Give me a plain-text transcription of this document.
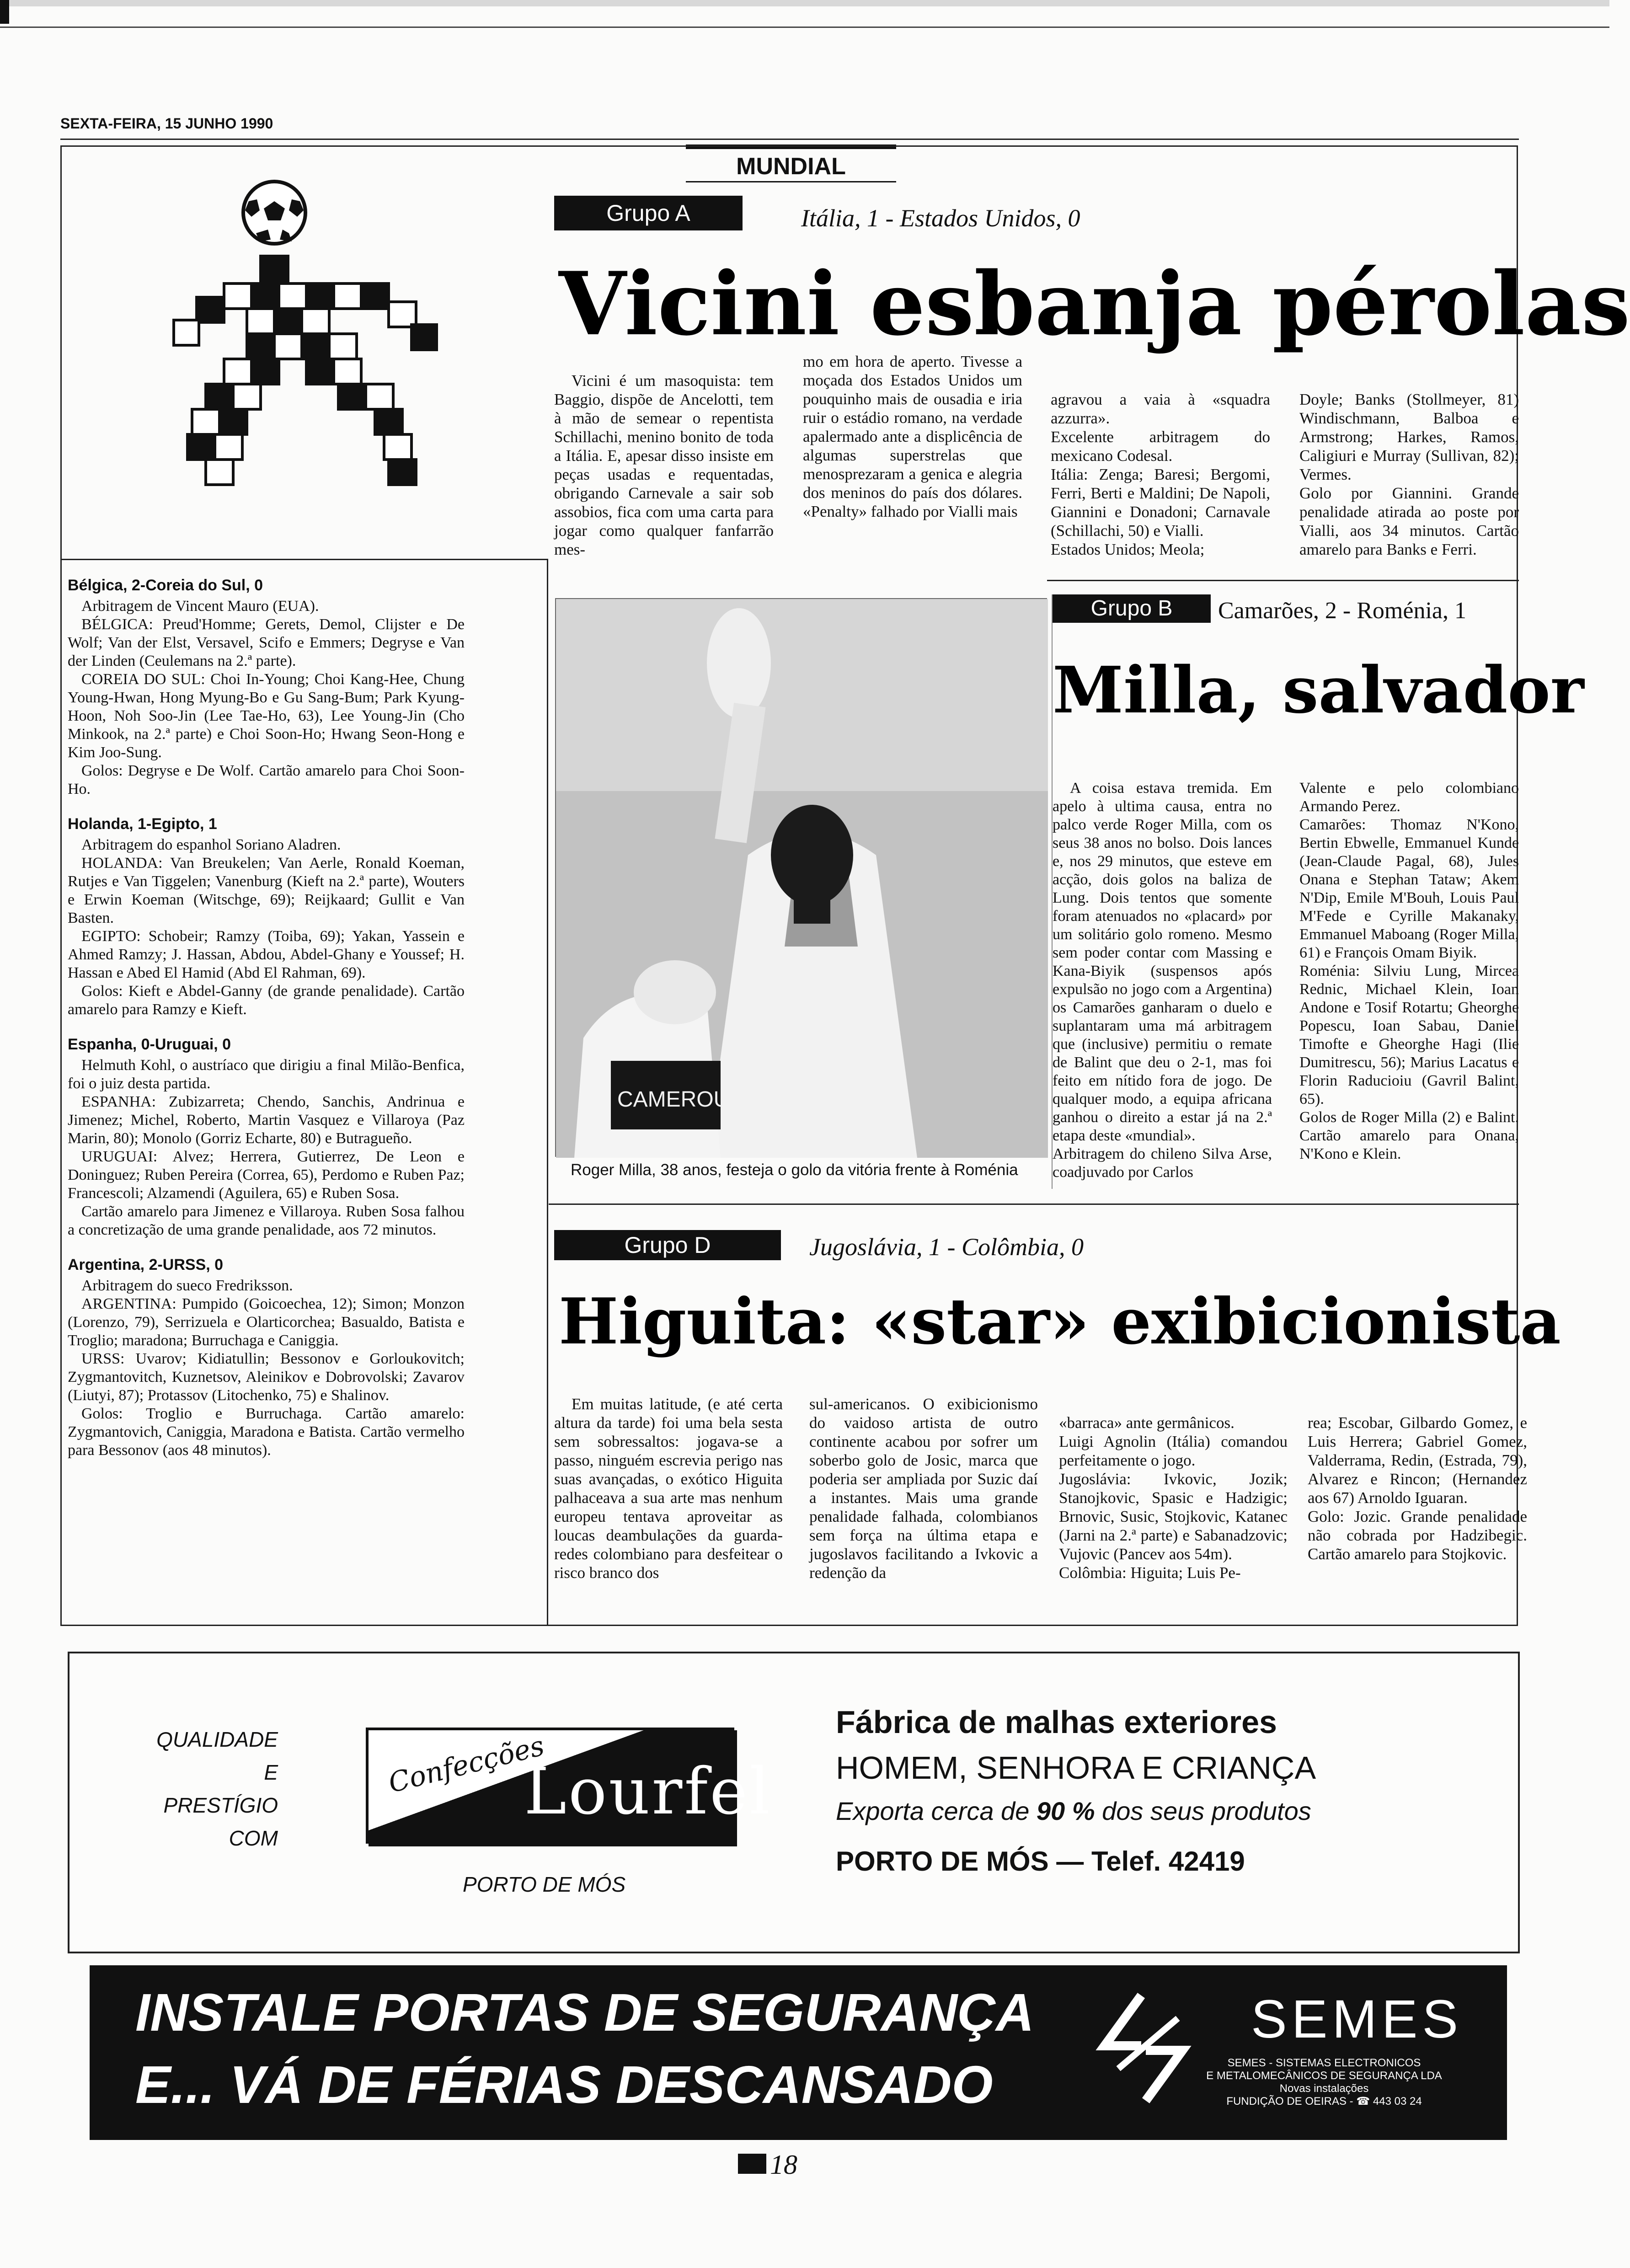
SEXTA-FEIRA, 15 JUNHO 1990
MUNDIAL
Grupo A	Itália, 1 - Estados Unidos, 0
Vicini esbanja pérolas

Vicini é um masoquista: tem Baggio, dispõe de Ancelotti, tem à mão de semear o repentista Schillachi, menino bonito de toda a Itália. E, apesar disso insiste em peças usadas e requentadas, obrigando Carnevale a sair sob assobios, fica com uma carta para jogar como qualquer fanfarrão mes-

mo em hora de aperto. Tivesse a moçada dos Estados Unidos um pouquinho mais de ousadia e iria ruir o estádio romano, na verdade apalermado ante a displicência de algumas superstrelas que menosprezaram a genica e alegria dos meninos do país dos dólares. «Penalty» falhado por Vialli mais

agravou a vaia à «squadra azzurra».
Excelente arbitragem do mexicano Codesal.
Itália: Zenga; Baresi; Bergomi, Ferri, Berti e Maldini; De Napoli, Giannini e Donadoni; Carnavale (Schillachi, 50) e Vialli.
Estados Unidos; Meola;

Doyle; Banks (Stollmeyer, 81) Windischmann, Balboa e Armstrong; Harkes, Ramos, Caligiuri e Murray (Sullivan, 82); Vermes.
Golo por Giannini. Grande penalidade atirada ao poste por Vialli, aos 34 minutos. Cartão amarelo para Banks e Ferri.

Bélgica, 2-Coreia do Sul, 0

Arbitragem de Vincent Mauro (EUA).

BÉLGICA: Preud'Homme; Gerets, Demol, Clijster e De Wolf; Van der Elst, Versavel, Scifo e Emmers; Degryse e Van der Linden (Ceulemans na 2.ª parte).

COREIA DO SUL: Choi In-Young; Choi Kang-Hee, Chung Young-Hwan, Hong Myung-Bo e Gu Sang-Bum; Park Kyung-Hoon, Noh Soo-Jin (Lee Tae-Ho, 63), Lee Young-Jin (Cho Minkook, na 2.ª parte) e Choi Soon-Ho; Hwang Seon-Hong e Kim Joo-Sung.

Golos: Degryse e De Wolf. Cartão amarelo para Choi Soon-Ho.

Holanda, 1-Egipto, 1

Arbitragem do espanhol Soriano Aladren.

HOLANDA: Van Breukelen; Van Aerle, Ronald Koeman, Rutjes e Van Tiggelen; Vanenburg (Kieft na 2.ª parte), Wouters e Erwin Koeman (Witschge, 69); Reijkaard; Gullit e Van Basten.

EGIPTO: Schobeir; Ramzy (Toiba, 69); Yakan, Yassein e Ahmed Ramzy; J. Hassan, Abdou, Abdel-Ghany e Youssef; H. Hassan e Abed El Hamid (Abd El Rahman, 69).

Golos: Kieft e Abdel-Ganny (de grande penalidade). Cartão amarelo para Ramzy e Kieft.

Espanha, 0-Uruguai, 0

Helmuth Kohl, o austríaco que dirigiu a final Milão-Benfica, foi o juiz desta partida.

ESPANHA: Zubizarreta; Chendo, Sanchis, Andrinua e Jimenez; Michel, Roberto, Martin Vasquez e Villaroya (Paz Marin, 80); Monolo (Gorriz Echarte, 80) e Butragueño.

URUGUAI: Alvez; Herrera, Gutierrez, De Leon e Doninguez; Ruben Pereira (Correa, 65), Perdomo e Ruben Paz; Francescoli; Alzamendi (Aguilera, 65) e Ruben Sosa.

Cartão amarelo para Jimenez e Villaroya. Ruben Sosa falhou a concretização de uma grande penalidade, aos 72 minutos.

Argentina, 2-URSS, 0

Arbitragem do sueco Fredriksson.

ARGENTINA: Pumpido (Goicoechea, 12); Simon; Monzon (Lorenzo, 79), Serrizuela e Olarticorchea; Basualdo, Batista e Troglio; maradona; Burruchaga e Caniggia.

URSS: Uvarov; Kidiatullin; Bessonov e Gorloukovitch; Zygmantovitch, Kuznetsov, Aleinikov e Dobrovolski; Zavarov (Liutyi, 87); Protassov (Litochenko, 75) e Shalinov.

Golos: Troglio e Burruchaga. Cartão amarelo: Zygmantovich, Caniggia, Maradona e Batista. Cartão vermelho para Bessonov (aos 48 minutos).

CAMEROUN
Roger Milla, 38 anos, festeja o golo da vitória frente à Roménia
Grupo B	Camarões, 2 - Roménia, 1
Milla, salvador

A coisa estava tremida. Em apelo à ultima causa, entra no palco verde Roger Milla, com os seus 38 anos no bolso. Dois lances e, nos 29 minutos, que esteve em acção, dois golos na baliza de Lung. Dois tentos que somente foram atenuados no «placard» por um solitário golo romeno. Mesmo sem poder contar com Massing e Kana-Biyik (suspensos após expulsão no jogo com a Argentina) os Camarões ganharam o duelo e suplantaram uma má arbitragem que (inclusive) permitiu o remate de Balint que deu o 2-1, mas foi feito em nítido fora de jogo. De qualquer modo, a equipa africana ganhou o direito a estar já na 2.ª etapa deste «mundial».
Arbitragem do chileno Silva Arse, coadjuvado por Carlos

Valente e pelo colombiano Armando Perez.
Camarões: Thomaz N'Kono, Bertin Ebwelle, Emmanuel Kunde (Jean-Claude Pagal, 68), Jules Onana e Stephan Tataw; Akem N'Dip, Emile M'Bouh, Louis Paul M'Fede e Cyrille Makanaky, Emmanuel Maboang (Roger Milla, 61) e François Omam Biyik.
Roménia: Silviu Lung, Mircea Rednic, Michael Klein, Ioan Andone e Tosif Rotartu; Gheorghe Popescu, Ioan Sabau, Daniel Timofte e Gheorghe Hagi (Ilie Dumitrescu, 56); Marius Lacatus e Florin Raducioiu (Gavril Balint, 65).
Golos de Roger Milla (2) e Balint. Cartão amarelo para Onana, N'Kono e Klein.

Grupo D	Jugoslávia, 1 - Colômbia, 0
Higuita: «star» exibicionista

Em muitas latitude, (e até certa altura da tarde) foi uma bela sesta sem sobressaltos: jogava-se a passo, ninguém escrevia perigo nas suas avançadas, o exótico Higuita palhaceava a sua arte mas nenhum europeu tentava aproveitar as loucas deambulações da guarda-redes colombiano para desfeitear o risco branco dos

sul-americanos. O exibicionismo do vaidoso artista de outro continente acabou por sofrer um soberbo golo de Josic, marca que poderia ser ampliada por Suzic daí a instantes. Mais uma grande penalidade falhada, colombianos sem força na última etapa e jugoslavos facilitando a Ivkovic a redenção da

«barraca» ante germânicos.
Luigi Agnolin (Itália) comandou perfeitamente o jogo.
Jugoslávia: Ivkovic, Jozik; Stanojkovic, Spasic e Hadzigic; Brnovic, Susic, Stojkovic, Katanec (Jarni na 2.ª parte) e Sabanadzovic; Vujovic (Pancev aos 54m).
Colômbia: Higuita; Luis Pe-

rea; Escobar, Gilbardo Gomez, e Luis Herrera; Gabriel Gomez, Valderrama, Redin, (Estrada, 79), Alvarez e Rincon; (Hernandez aos 67) Arnoldo Iguaran.
Golo: Jozic. Grande penalidade não cobrada por Hadzibegic. Cartão amarelo para Stojkovic.

QUALIDADE
E
PRESTÍGIO
COM
Confecções
Lourfel
PORTO DE MÓS
Fábrica de malhas exteriores
HOMEM, SENHORA E CRIANÇA
Exporta cerca de 90 % dos seus produtos
PORTO DE MÓS — Telef. 42419
INSTALE PORTAS DE SEGURANÇA
E... VÁ DE FÉRIAS DESCANSADO
SEMES
SEMES - SISTEMAS ELECTRONICOS
E METALOMECÂNICOS DE SEGURANÇA LDA
Novas instalações
FUNDIÇÃO DE OEIRAS - ☎ 443 03 24
18
